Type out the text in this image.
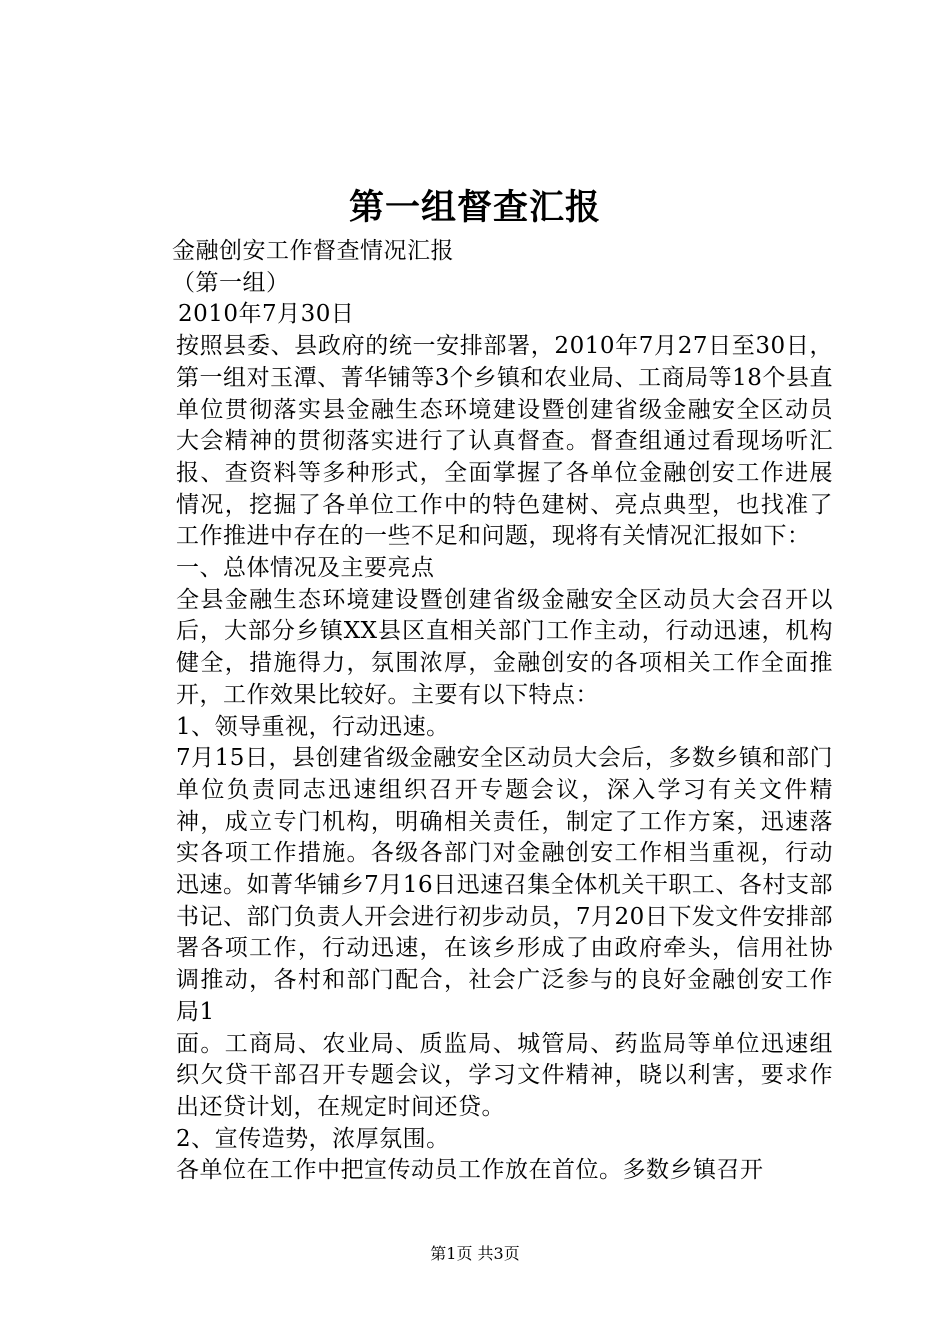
第一组督查汇报

金融创安工作督查情况汇报

（第一组）

2010年7月30日

按照县委、县政府的统一安排部署，2010年7月27日至30日，第一组对玉潭、菁华铺等3个乡镇和农业局、工商局等18个县直单位贯彻落实县金融生态环境建设暨创建省级金融安全区动员大会精神的贯彻落实进行了认真督查。督查组通过看现场听汇报、查资料等多种形式，全面掌握了各单位金融创安工作进展情况，挖掘了各单位工作中的特色建树、亮点典型，也找准了工作推进中存在的一些不足和问题，现将有关情况汇报如下：

一、总体情况及主要亮点

全县金融生态环境建设暨创建省级金融安全区动员大会召开以后，大部分乡镇XX县区直相关部门工作主动，行动迅速，机构健全，措施得力，氛围浓厚，金融创安的各项相关工作全面推开，工作效果比较好。主要有以下特点：

1、领导重视，行动迅速。

7月15日，县创建省级金融安全区动员大会后，多数乡镇和部门单位负责同志迅速组织召开专题会议，深入学习有关文件精神，成立专门机构，明确相关责任，制定了工作方案，迅速落实各项工作措施。各级各部门对金融创安工作相当重视，行动迅速。如菁华铺乡7月16日迅速召集全体机关干职工、各村支部书记、部门负责人开会进行初步动员，7月20日下发文件安排部署各项工作，行动迅速，在该乡形成了由政府牵头，信用社协调推动，各村和部门配合，社会广泛参与的良好金融创安工作局1

面。工商局、农业局、质监局、城管局、药监局等单位迅速组织欠贷干部召开专题会议，学习文件精神，晓以利害，要求作出还贷计划，在规定时间还贷。

2、宣传造势，浓厚氛围。

各单位在工作中把宣传动员工作放在首位。多数乡镇召开

第1页 共3页
